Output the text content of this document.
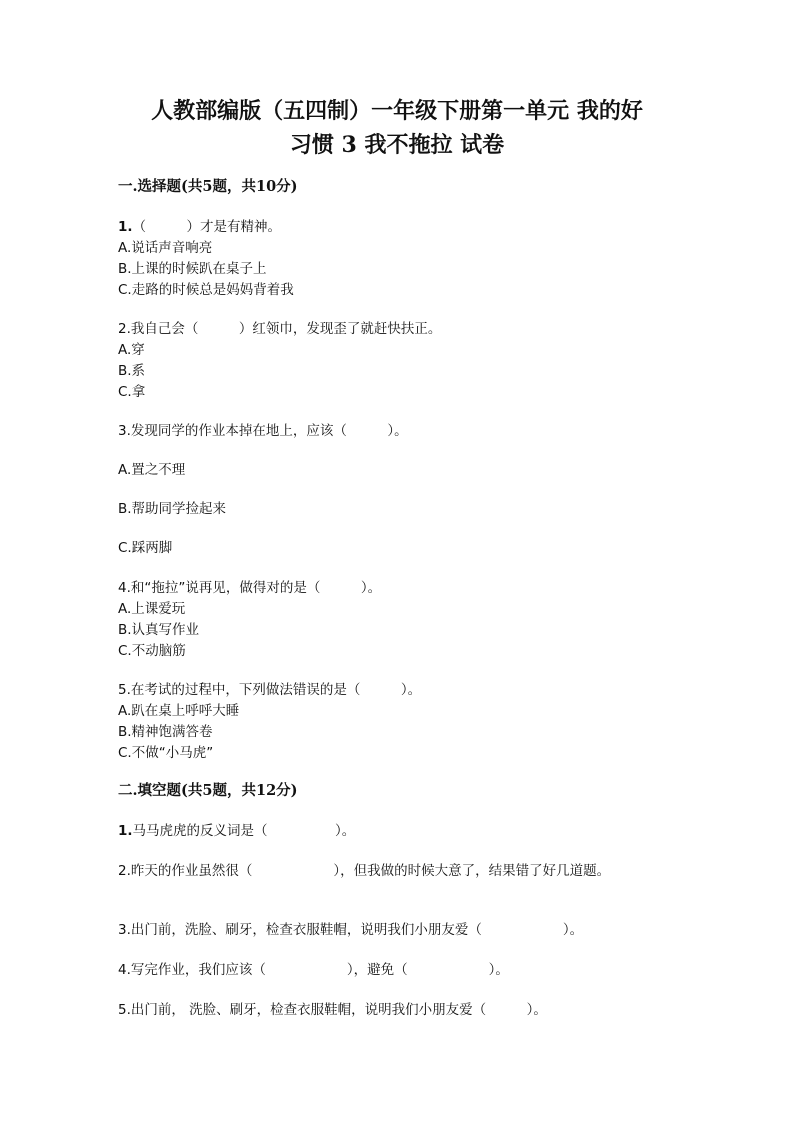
人教部编版（五四制）一年级下册第一单元 我的好
习惯 3 我不拖拉 试卷
一.选择题(共5题，共10分)
1.（　　　）才是有精神。
A.说话声音响亮
B.上课的时候趴在桌子上
C.走路的时候总是妈妈背着我
2.我自己会（　　　）红领巾，发现歪了就赶快扶正。
A.穿
B.系
C.拿
3.发现同学的作业本掉在地上，应该（　　　）。
A.置之不理
B.帮助同学捡起来
C.踩两脚
4.和“拖拉”说再见，做得对的是（　　　）。
A.上课爱玩
B.认真写作业
C.不动脑筋
5.在考试的过程中，下列做法错误的是（　　　）。
A.趴在桌上呼呼大睡
B.精神饱满答卷
C.不做“小马虎”
二.填空题(共5题，共12分)
1.马马虎虎的反义词是（　　　　　）。
2.昨天的作业虽然很（　　　　　　），但我做的时候大意了，结果错了好几道题。
3.出门前，洗脸、刷牙，检查衣服鞋帽，说明我们小朋友爱（　　　　　　）。
4.写完作业，我们应该（　　　　　　），避免（　　　　　　）。
5.出门前， 洗脸、刷牙，检查衣服鞋帽，说明我们小朋友爱（　　　）。
